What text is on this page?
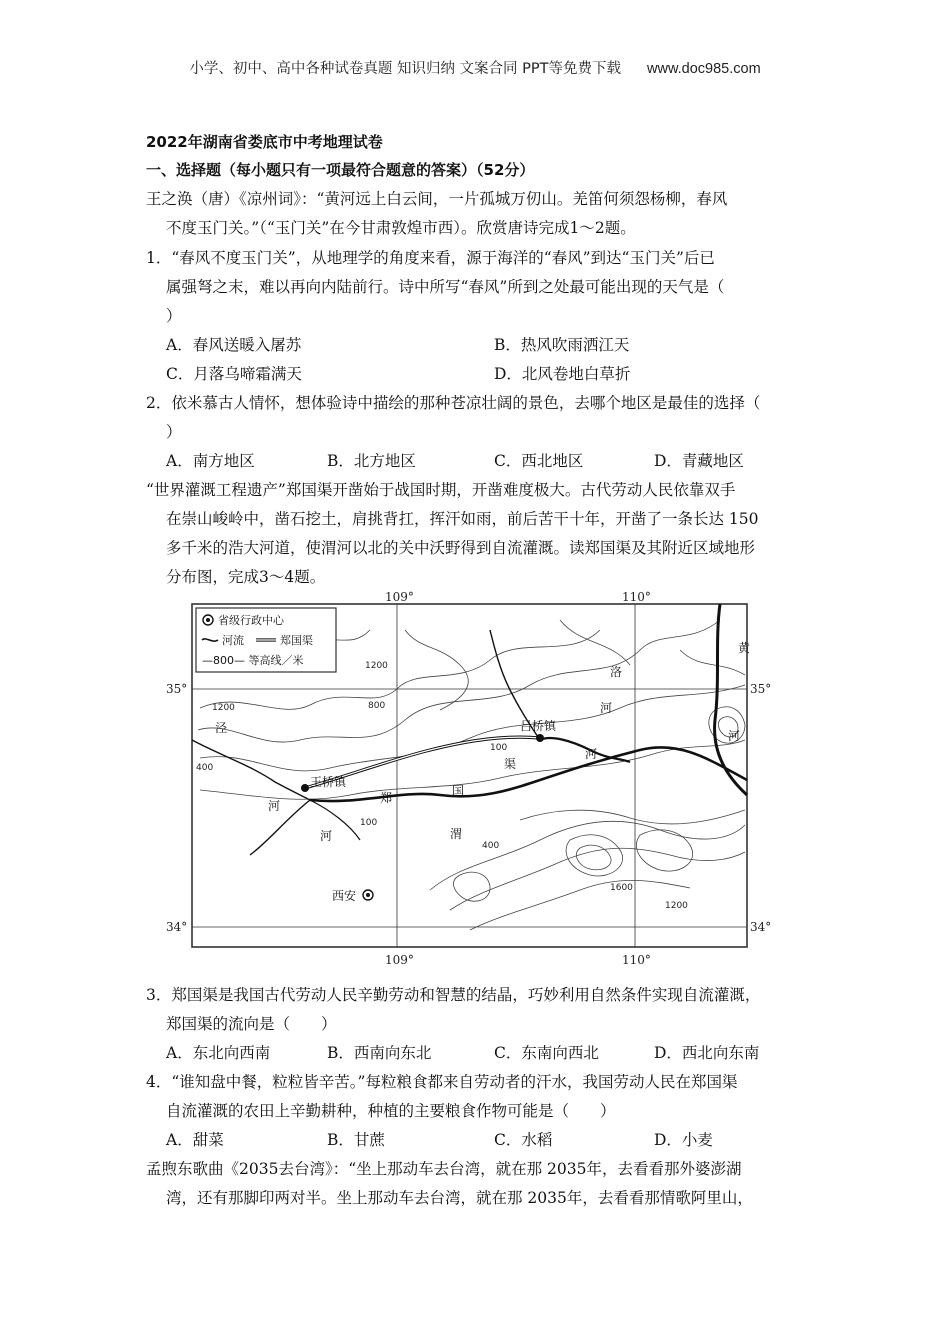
小学、初中、高中各种试卷真题 知识归纳 文案合同 PPT等免费下载 www.doc985.com
2022年湖南省娄底市中考地理试卷
一、选择题（每小题只有一项最符合题意的答案）（52分）
王之涣（唐）《凉州词》：“黄河远上白云间，一片孤城万仞山。羌笛何须怨杨柳，春风
不度玉门关。”（“玉门关”在今甘肃敦煌市西）。欣赏唐诗完成1～2题。
1．“春风不度玉门关”，从地理学的角度来看，源于海洋的“春风”到达“玉门关”后已
属强弩之末，难以再向内陆前行。诗中所写“春风”所到之处最可能出现的天气是（
）
A．春风送暖入屠苏	B．热风吹雨洒江天
C．月落乌啼霜满天	D．北风卷地白草折
2．依米慕古人情怀，想体验诗中描绘的那种苍凉壮阔的景色，去哪个地区是最佳的选择（
）
A．南方地区	B．北方地区	C．西北地区	D．青藏地区
“世界灌溉工程遗产”郑国渠开凿始于战国时期，开凿难度极大。古代劳动人民依靠双手
在崇山峻岭中，凿石挖土，肩挑背扛，挥汗如雨，前后苦干十年，开凿了一条长达 150
多千米的浩大河道，使渭河以北的关中沃野得到自流灌溉。读郑国渠及其附近区域地形
分布图，完成3～4题。
省级行政中心
河流	郑国渠
—800— 等高线／米
109°	110°
109°	110°
35°	35°
34°	34°
王桥镇
吕桥镇
西安
洛
河
渭
河
黄
河
泾
河
郑	国
渠
河
1200
1200	800
400
100
100
400
1600
1200
3．郑国渠是我国古代劳动人民辛勤劳动和智慧的结晶，巧妙利用自然条件实现自流灌溉，
郑国渠的流向是（　　）
A．东北向西南	B．西南向东北	C．东南向西北	D．西北向东南
4．“谁知盘中餐，粒粒皆辛苦。”每粒粮食都来自劳动者的汗水，我国劳动人民在郑国渠
自流灌溉的农田上辛勤耕种，种植的主要粮食作物可能是（　　）
A．甜菜	B．甘蔗	C．水稻	D．小麦
孟煦东歌曲《2035去台湾》：“坐上那动车去台湾，就在那 2035年，去看看那外婆澎湖
湾，还有那脚印两对半。坐上那动车去台湾，就在那 2035年，去看看那情歌阿里山，
